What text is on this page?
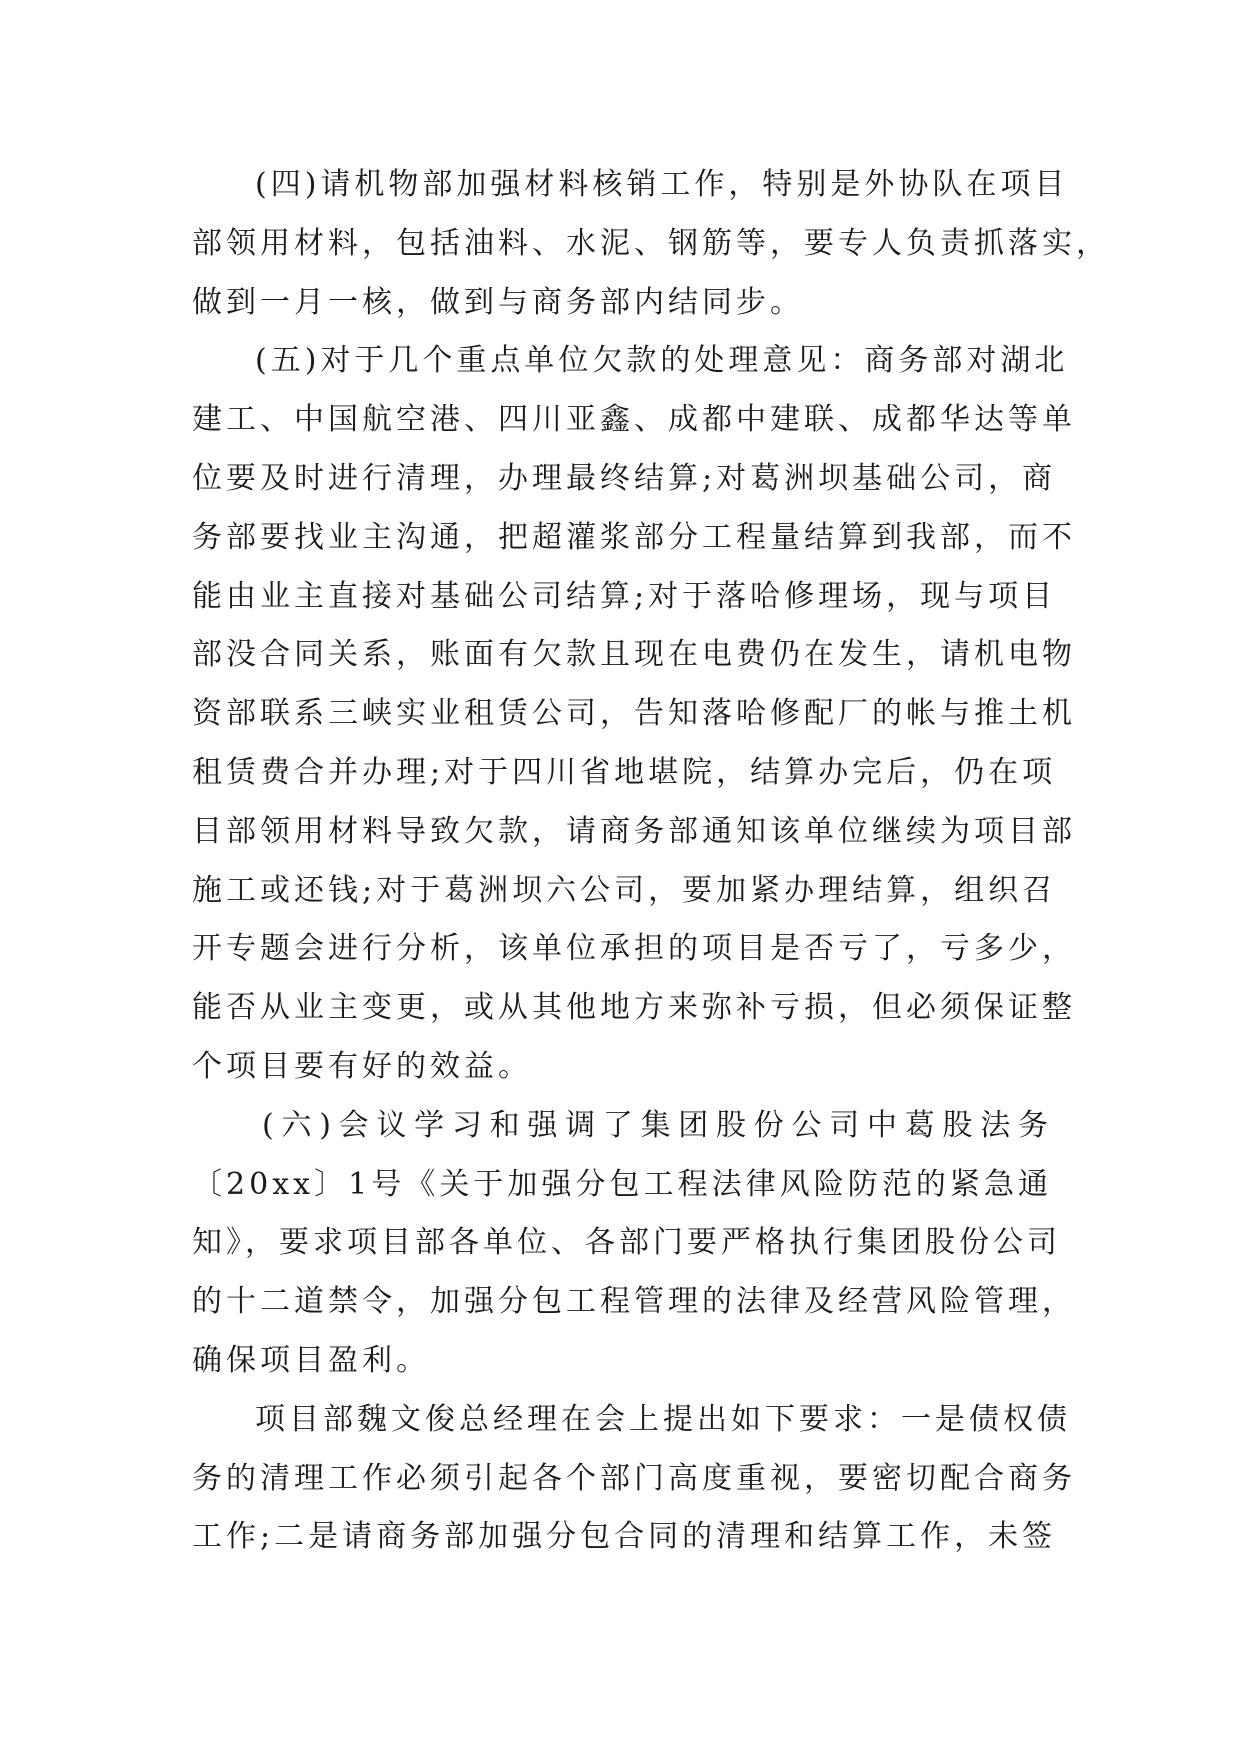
(四)请机物部加强材料核销工作，特别是外协队在项目
部领用材料，包括油料、水泥、钢筋等，要专人负责抓落实，
做到一月一核，做到与商务部内结同步。
(五)对于几个重点单位欠款的处理意见：商务部对湖北
建工、中国航空港、四川亚鑫、成都中建联、成都华达等单
位要及时进行清理，办理最终结算;对葛洲坝基础公司，商
务部要找业主沟通，把超灌浆部分工程量结算到我部，而不
能由业主直接对基础公司结算;对于落哈修理场，现与项目
部没合同关系，账面有欠款且现在电费仍在发生，请机电物
资部联系三峡实业租赁公司，告知落哈修配厂的帐与推土机
租赁费合并办理;对于四川省地堪院，结算办完后，仍在项
目部领用材料导致欠款，请商务部通知该单位继续为项目部
施工或还钱;对于葛洲坝六公司，要加紧办理结算，组织召
开专题会进行分析，该单位承担的项目是否亏了，亏多少，
能否从业主变更，或从其他地方来弥补亏损，但必须保证整
个项目要有好的效益。
(六)会议学习和强调了集团股份公司中葛股法务
〔20xx〕1号《关于加强分包工程法律风险防范的紧急通
知》，要求项目部各单位、各部门要严格执行集团股份公司
的十二道禁令，加强分包工程管理的法律及经营风险管理，
确保项目盈利。
项目部魏文俊总经理在会上提出如下要求：一是债权债
务的清理工作必须引起各个部门高度重视，要密切配合商务
工作;二是请商务部加强分包合同的清理和结算工作，未签
